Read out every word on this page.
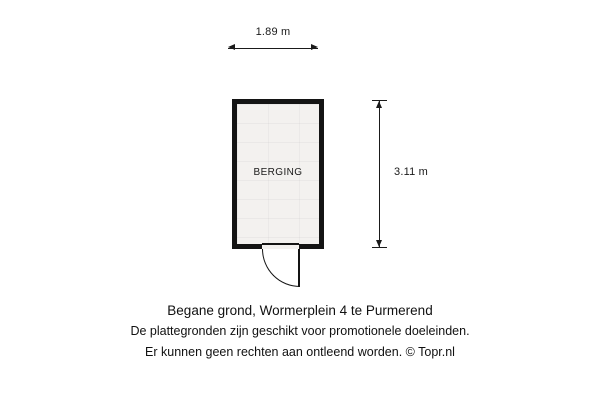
1.89 m
3.11 m
BERGING
Begane grond, Wormerplein 4 te Purmerend
De plattegronden zijn geschikt voor promotionele doeleinden.
Er kunnen geen rechten aan ontleend worden. © Topr.nl
